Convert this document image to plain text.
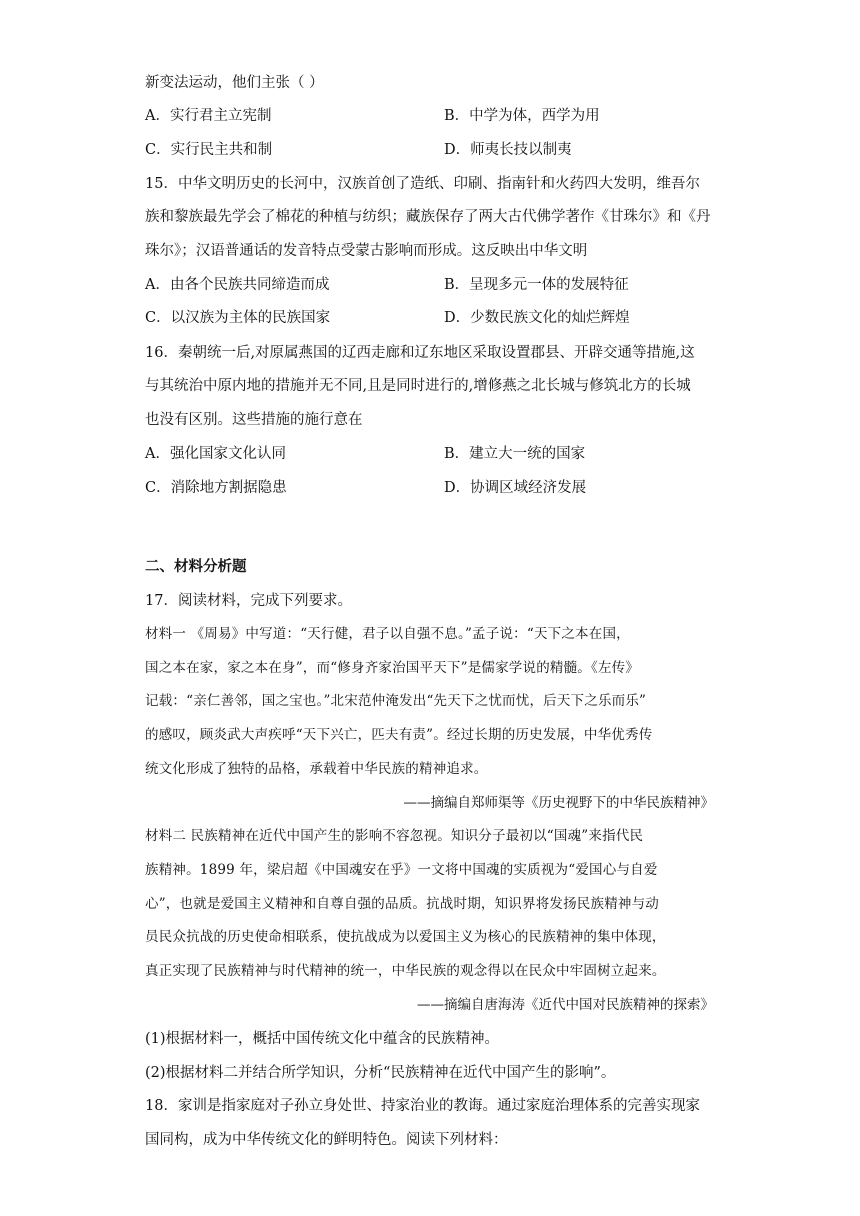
新变法运动，他们主张（ ）
A．实行君主立宪制	B．中学为体，西学为用
C．实行民主共和制	D．师夷长技以制夷
15．中华文明历史的长河中，汉族首创了造纸、印刷、指南针和火药四大发明，维吾尔
族和黎族最先学会了棉花的种植与纺织；藏族保存了两大古代佛学著作《甘珠尔》和《丹
珠尔》；汉语普通话的发音特点受蒙古影响而形成。这反映出中华文明
A．由各个民族共同缔造而成	B．呈现多元一体的发展特征
C．以汉族为主体的民族国家	D．少数民族文化的灿烂辉煌
16．秦朝统一后,对原属燕国的辽西走廊和辽东地区采取设置郡县、开辟交通等措施,这
与其统治中原内地的措施并无不同,且是同时进行的,增修燕之北长城与修筑北方的长城
也没有区别。这些措施的施行意在
A．强化国家文化认同	B．建立大一统的国家
C．消除地方割据隐患	D．协调区域经济发展
二、材料分析题
17．阅读材料，完成下列要求。
材料一 《周易》中写道：“天行健，君子以自强不息。”孟子说：“天下之本在国，
国之本在家，家之本在身”，而“修身齐家治国平天下”是儒家学说的精髓。《左传》
记载：“亲仁善邻，国之宝也。”北宋范仲淹发出“先天下之忧而忧，后天下之乐而乐”
的感叹，顾炎武大声疾呼“天下兴亡，匹夫有责”。经过长期的历史发展，中华优秀传
统文化形成了独特的品格，承载着中华民族的精神追求。
——摘编自郑师渠等《历史视野下的中华民族精神》
材料二 民族精神在近代中国产生的影响不容忽视。知识分子最初以“国魂”来指代民
族精神。1899 年，梁启超《中国魂安在乎》一文将中国魂的实质视为“爱国心与自爱
心”，也就是爱国主义精神和自尊自强的品质。抗战时期，知识界将发扬民族精神与动
员民众抗战的历史使命相联系，使抗战成为以爱国主义为核心的民族精神的集中体现，
真正实现了民族精神与时代精神的统一，中华民族的观念得以在民众中牢固树立起来。
——摘编自唐海涛《近代中国对民族精神的探索》
(1)根据材料一，概括中国传统文化中蕴含的民族精神。
(2)根据材料二并结合所学知识，分析“民族精神在近代中国产生的影响”。
18．家训是指家庭对子孙立身处世、持家治业的教诲。通过家庭治理体系的完善实现家
国同构，成为中华传统文化的鲜明特色。阅读下列材料：
